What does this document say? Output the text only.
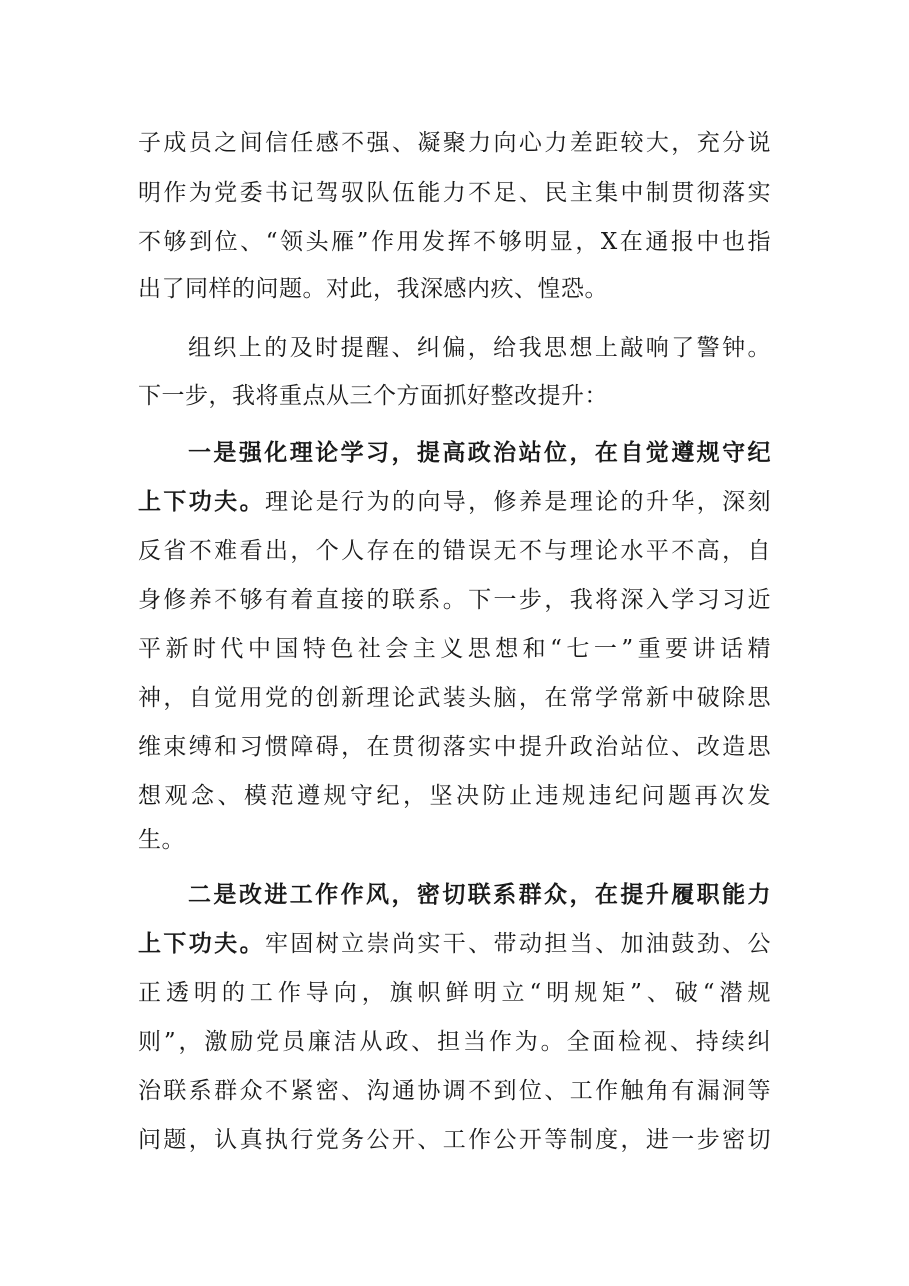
子成员之间信任感不强、凝聚力向心力差距较大，充分说
明作为党委书记驾驭队伍能力不足、民主集中制贯彻落实
不够到位、“领头雁”作用发挥不够明显，X在通报中也指
出了同样的问题。对此，我深感内疚、惶恐。
组织上的及时提醒、纠偏，给我思想上敲响了警钟。
下一步，我将重点从三个方面抓好整改提升：
一是强化理论学习，提高政治站位，在自觉遵规守纪
上下功夫。理论是行为的向导，修养是理论的升华，深刻
反省不难看出，个人存在的错误无不与理论水平不高，自
身修养不够有着直接的联系。下一步，我将深入学习习近
平新时代中国特色社会主义思想和“七一”重要讲话精
神，自觉用党的创新理论武装头脑，在常学常新中破除思
维束缚和习惯障碍，在贯彻落实中提升政治站位、改造思
想观念、模范遵规守纪，坚决防止违规违纪问题再次发
生。
二是改进工作作风，密切联系群众，在提升履职能力
上下功夫。牢固树立崇尚实干、带动担当、加油鼓劲、公
正透明的工作导向，旗帜鲜明立“明规矩”、破“潜规
则”，激励党员廉洁从政、担当作为。全面检视、持续纠
治联系群众不紧密、沟通协调不到位、工作触角有漏洞等
问题，认真执行党务公开、工作公开等制度，进一步密切
